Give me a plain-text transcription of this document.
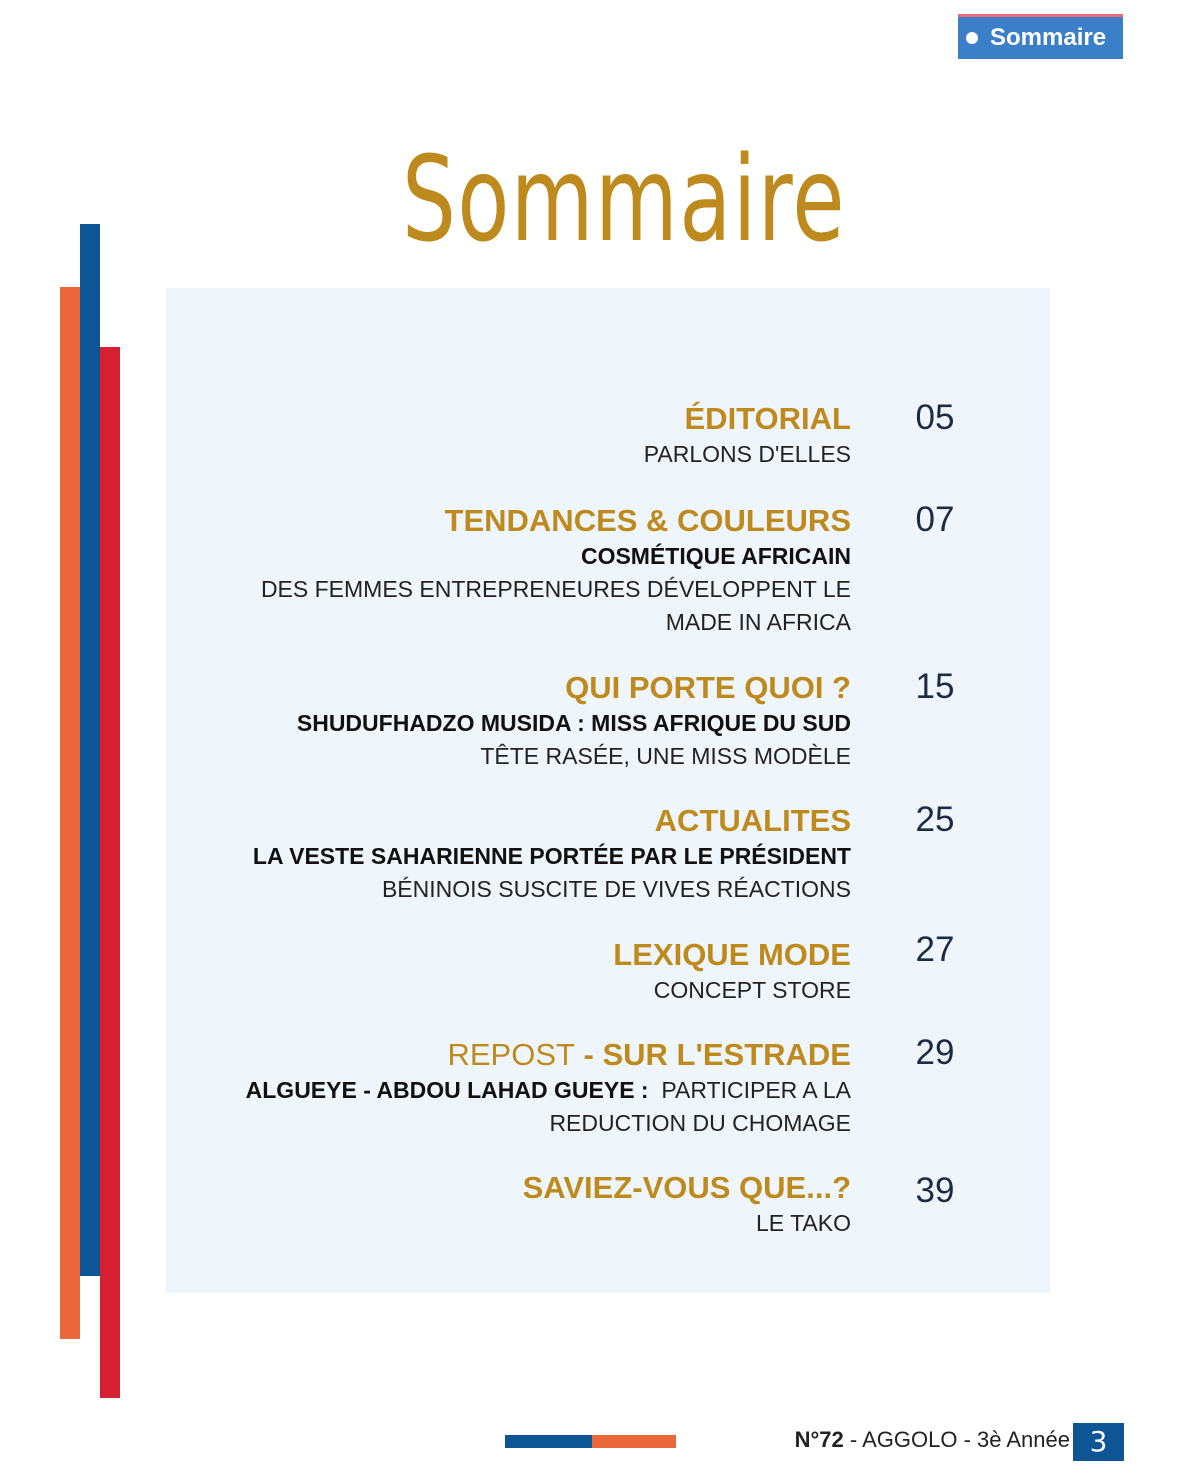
Sommaire
Sommaire
ÉDITORIAL
PARLONS D'ELLES
05
TENDANCES & COULEURS
COSMÉTIQUE AFRICAIN
DES FEMMES ENTREPRENEURES DÉVELOPPENT LE
MADE IN AFRICA
07
QUI PORTE QUOI ?
SHUDUFHADZO MUSIDA : MISS AFRIQUE DU SUD
TÊTE RASÉE, UNE MISS MODÈLE
15
ACTUALITES
LA VESTE SAHARIENNE PORTÉE PAR LE PRÉSIDENT
BÉNINOIS SUSCITE DE VIVES RÉACTIONS
25
LEXIQUE MODE
CONCEPT STORE
27
REPOST - SUR L'ESTRADE
ALGUEYE - ABDOU LAHAD GUEYE :  PARTICIPER A LA
REDUCTION DU CHOMAGE
29
SAVIEZ-VOUS QUE...?
LE TAKO
39
N°72 - AGGOLO - 3è Année 3
